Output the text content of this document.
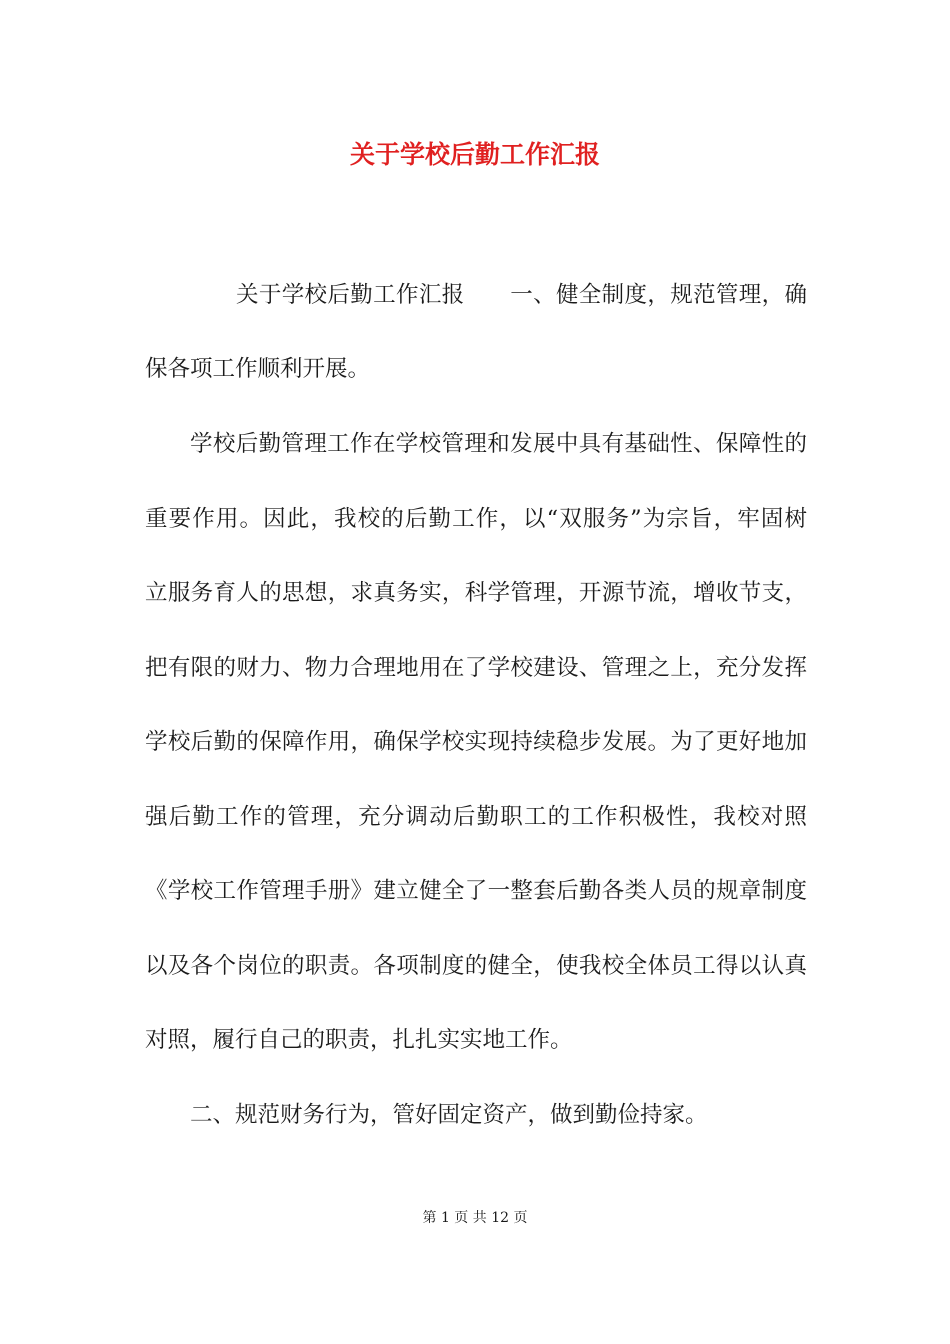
关于学校后勤工作汇报
关于学校后勤工作汇报　　一、健全制度，规范管理，确
保各项工作顺利开展。
学校后勤管理工作在学校管理和发展中具有基础性、保障性的
重要作用。因此，我校的后勤工作，以“双服务”为宗旨，牢固树
立服务育人的思想，求真务实，科学管理，开源节流，增收节支，
把有限的财力、物力合理地用在了学校建设、管理之上，充分发挥
学校后勤的保障作用，确保学校实现持续稳步发展。为了更好地加
强后勤工作的管理，充分调动后勤职工的工作积极性，我校对照
《学校工作管理手册》建立健全了一整套后勤各类人员的规章制度
以及各个岗位的职责。各项制度的健全，使我校全体员工得以认真
对照，履行自己的职责，扎扎实实地工作。
二、规范财务行为，管好固定资产，做到勤俭持家。
第 1 页 共 12 页
